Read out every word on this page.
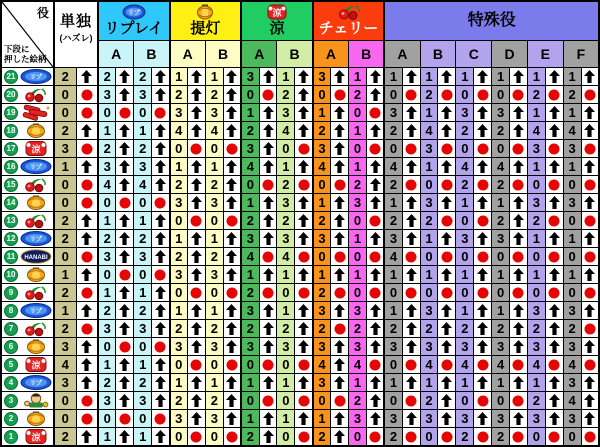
役
下段に
押した絵柄

単独
(ハズレ)

リプ
リプレイ	提灯

涼
涼	チェリー	特殊役

			A		B		A		B		A		B		A		B		A		B		C		D		E		F	

21 リプ	2		2		2		1		1		3		1		3		1		1		1		1		1		1		1	

20	0		3		3		2		2		0		2		0		2		0		2		0		0		2		2	

19	0		0		0		3		3		1		3		1		0		3		1		3		3		1		1	

18	2		1		1		4		4		2		4		2		1		2		4		2		2		4		4	

17 涼	3		2		2		0		0		3		0		3		0		0		3		0		0		3		3	

16 リプ	1		3		3		1		1		4		1		4		1		4		1		4		4		1		1	

15	0		4		4		2		2		0		2		0		2		2		0		2		2		0		0	

14	0		0		0		3		3		1		3		1		3		1		3		1		1		3		3	

13	2		1		1		0		0		2		2		2		0		2		2		0		2		2		0	

12 リプ	2		2		2		1		1		3		3		3		1		3		1		3		3		1		1	

11 HANABI	0		3		3		2		2		4		4		0		0		4		0		0		0		0		0	

10	1		0		0		3		3		1		1		1		1		1		1		1		1		1		1	

9	2		1		1		0		0		2		0		2		0		0		0		0		0		0		0	

8 リプ	1		2		2		1		1		3		1		3		3		1		3		1		1		3		3	

7	2		3		3		2		2		2		2		2		2		2		2		2		2		2		2	

6	3		0		0		3		3		3		3		3		3		3		3		3		3		3		3	

5 涼	4		1		1		0		0		0		0		4		4		0		4		4		4		4		4	

4 リプ	3		2		2		1		1		1		1		3		1		1		1		1		1		1		3	

3	0		3		3		2		2		0		0		0		2		0		2		0		0		2		4	

2	0		0		0		3		3		1		1		1		3		3		3		3		3		3		3	

1 涼	2		1		1		0		0		2		0		2		0		2		0		2		2		0		0	
